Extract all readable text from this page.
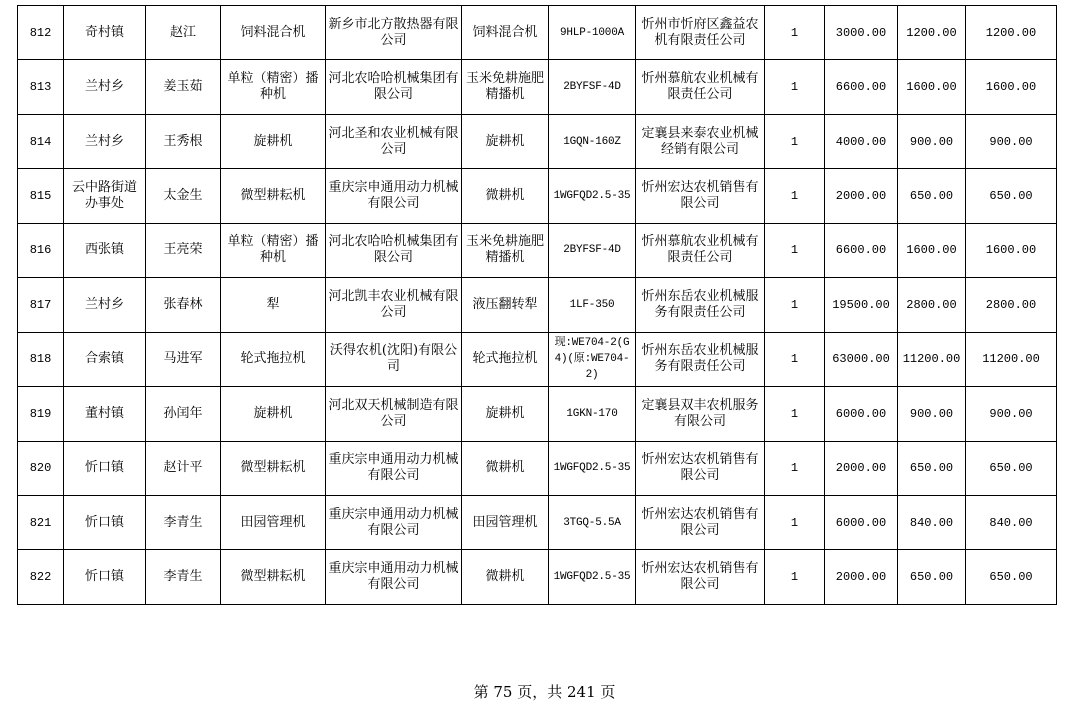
812	奇村镇	赵江	饲料混合机	新乡市北方散热器有限公司	饲料混合机	9HLP-1000A	忻州市忻府区鑫益农机有限责任公司	1	3000.00	1200.00	1200.00
813	兰村乡	姜玉茹	单粒（精密）播种机	河北农哈哈机械集团有限公司	玉米免耕施肥精播机	2BYFSF-4D	忻州慕航农业机械有限责任公司	1	6600.00	1600.00	1600.00
814	兰村乡	王秀根	旋耕机	河北圣和农业机械有限公司	旋耕机	1GQN-160Z	定襄县来泰农业机械经销有限公司	1	4000.00	900.00	900.00
815	云中路街道办事处	太金生	微型耕耘机	重庆宗申通用动力机械有限公司	微耕机	1WGFQD2.5-35	忻州宏达农机销售有限公司	1	2000.00	650.00	650.00
816	西张镇	王亮荣	单粒（精密）播种机	河北农哈哈机械集团有限公司	玉米免耕施肥精播机	2BYFSF-4D	忻州慕航农业机械有限责任公司	1	6600.00	1600.00	1600.00
817	兰村乡	张春林	犁	河北凯丰农业机械有限公司	液压翻转犁	1LF-350	忻州东岳农业机械服务有限责任公司	1	19500.00	2800.00	2800.00
818	合索镇	马进军	轮式拖拉机	沃得农机(沈阳)有限公司	轮式拖拉机	现:WE704-2(G4)(原:WE704-2)	忻州东岳农业机械服务有限责任公司	1	63000.00	11200.00	11200.00
819	董村镇	孙闰年	旋耕机	河北双天机械制造有限公司	旋耕机	1GKN-170	定襄县双丰农机服务有限公司	1	6000.00	900.00	900.00
820	忻口镇	赵计平	微型耕耘机	重庆宗申通用动力机械有限公司	微耕机	1WGFQD2.5-35	忻州宏达农机销售有限公司	1	2000.00	650.00	650.00
821	忻口镇	李青生	田园管理机	重庆宗申通用动力机械有限公司	田园管理机	3TGQ-5.5A	忻州宏达农机销售有限公司	1	6000.00	840.00	840.00
822	忻口镇	李青生	微型耕耘机	重庆宗申通用动力机械有限公司	微耕机	1WGFQD2.5-35	忻州宏达农机销售有限公司	1	2000.00	650.00	650.00
第 75 页，共 241 页
